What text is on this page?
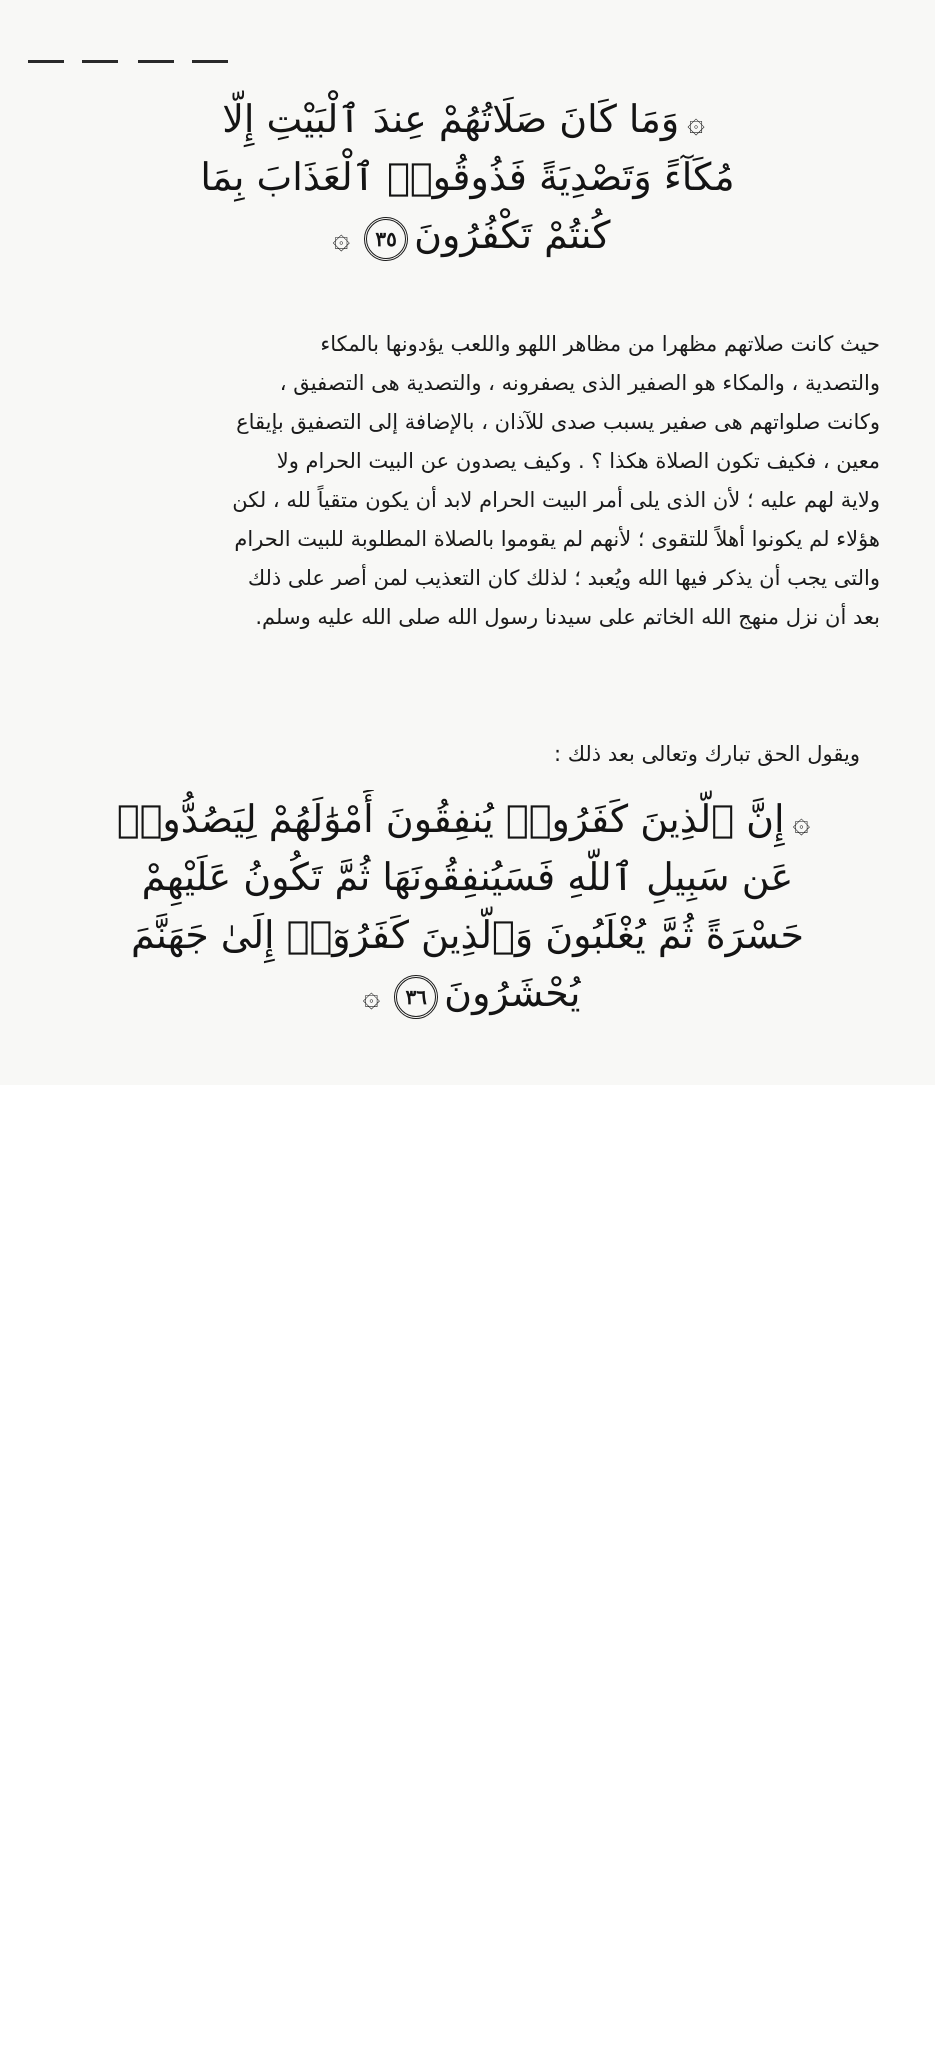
۞وَمَا كَانَ صَلَاتُهُمْ عِندَ ٱلْبَيْتِ إِلَّا
مُكَآءً وَتَصْدِيَةً فَذُوقُوا۟ ٱلْعَذَابَ بِمَا
كُنتُمْ تَكْفُرُونَ٣٥۞
حيث كانت صلاتهم مظهرا من مظاهر اللهو واللعب يؤدونها بالمكاء
والتصدية ، والمكاء هو الصفير الذى يصفرونه ، والتصدية هى التصفيق ،
وكانت صلواتهم هى صفير يسبب صدى للآذان ، بالإضافة إلى التصفيق بإيقاع
معين ، فكيف تكون الصلاة هكذا ؟ . وكيف يصدون عن البيت الحرام ولا
ولاية لهم عليه ؛ لأن الذى يلى أمر البيت الحرام لابد أن يكون متقياً لله ، لكن
هؤلاء لم يكونوا أهلاً للتقوى ؛ لأنهم لم يقوموا بالصلاة المطلوبة للبيت الحرام
والتى يجب أن يذكر فيها الله ويُعبد ؛ لذلك كان التعذيب لمن أصر على ذلك
بعد أن نزل منهج الله الخاتم على سيدنا رسول الله صلى الله عليه وسلم.
ويقول الحق تبارك وتعالى بعد ذلك :
۞إِنَّ ٱلَّذِينَ كَفَرُوا۟ يُنفِقُونَ أَمْوَٰلَهُمْ لِيَصُدُّوا۟
عَن سَبِيلِ ٱللَّهِ فَسَيُنفِقُونَهَا ثُمَّ تَكُونُ عَلَيْهِمْ
حَسْرَةً ثُمَّ يُغْلَبُونَ وَٱلَّذِينَ كَفَرُوٓا۟ إِلَىٰ جَهَنَّمَ
يُحْشَرُونَ٣٦۞
